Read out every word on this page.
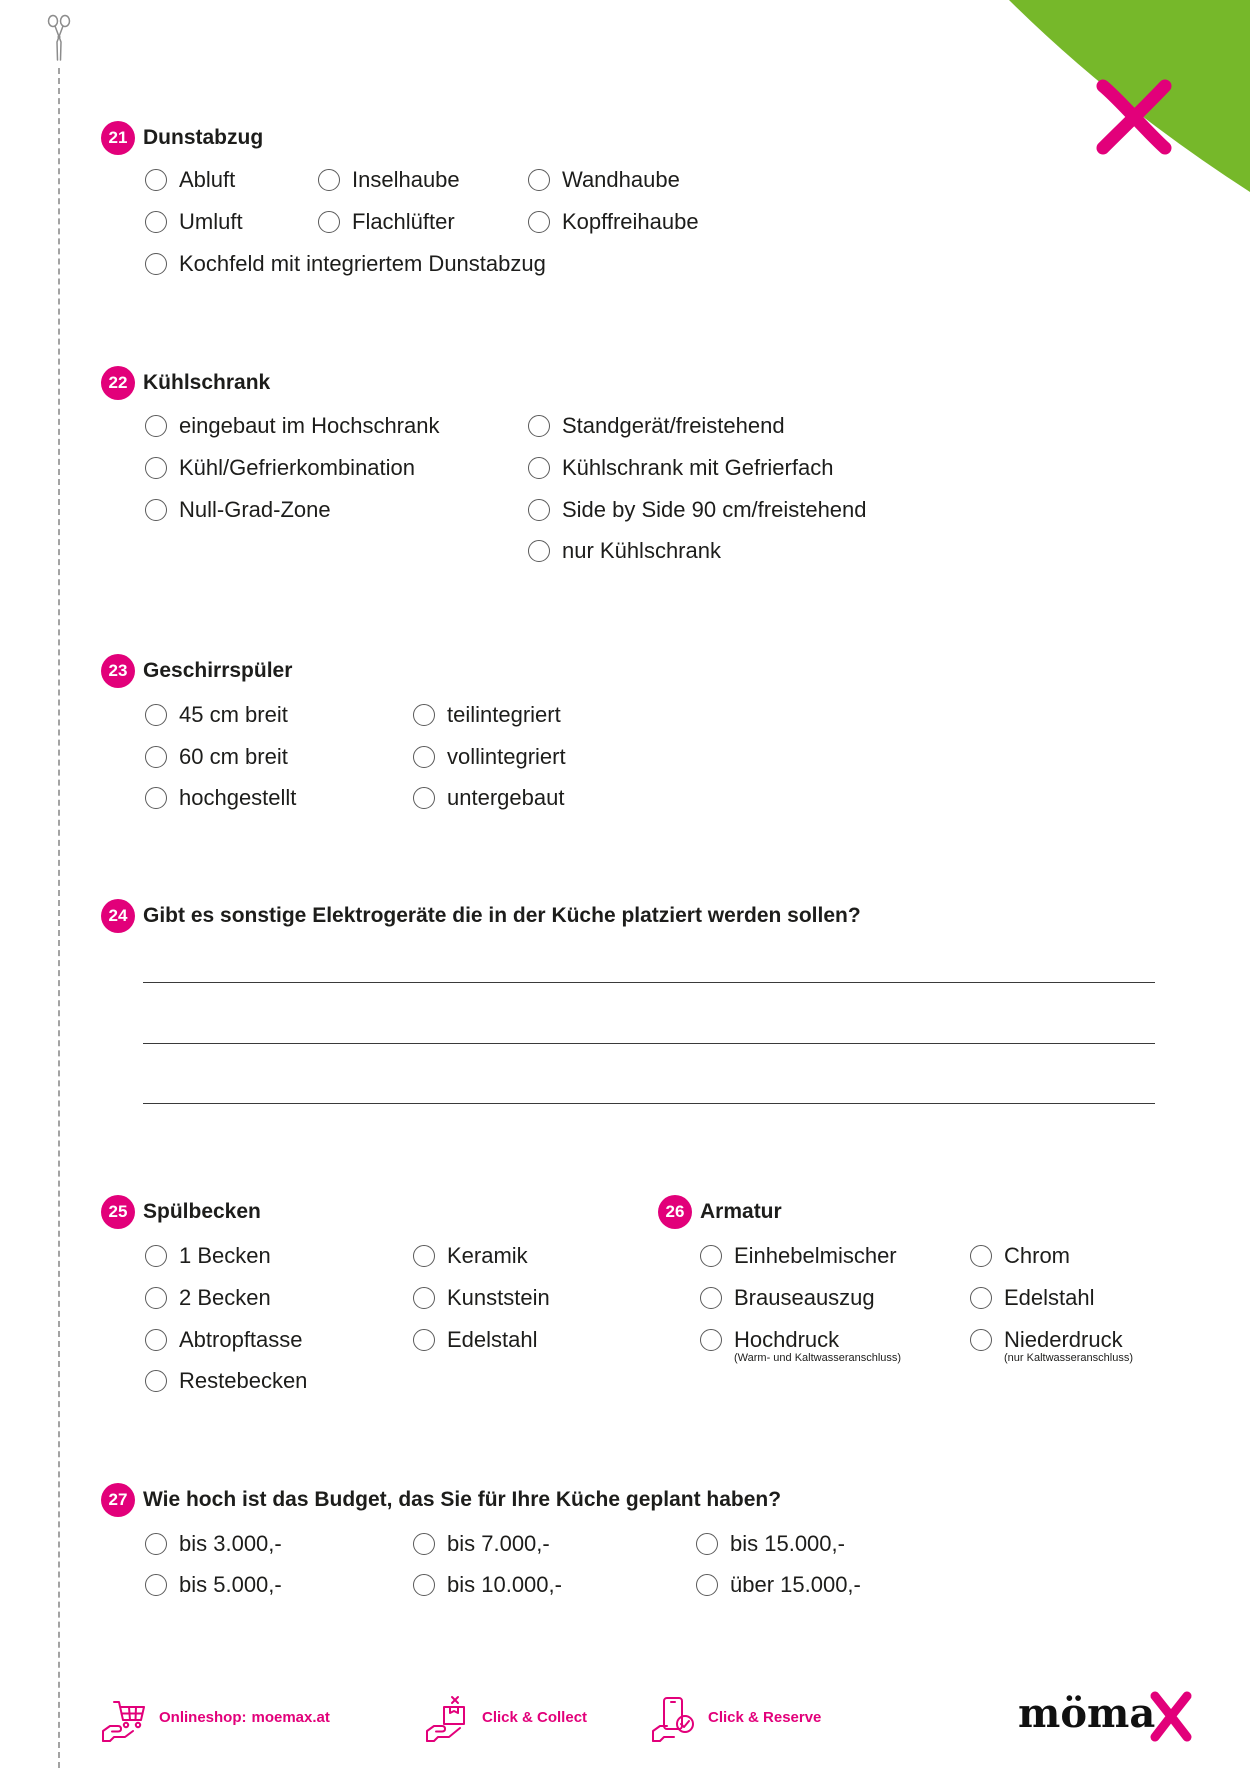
21 Dunstabzug
Abluft	Inselhaube	Wandhaube
Umluft	Flachlüfter	Kopffreihaube
Kochfeld mit integriertem Dunstabzug
22 Kühlschrank
eingebaut im Hochschrank
Kühl/Gefrierkombination
Null-Grad-Zone
Standgerät/freistehend
Kühlschrank mit Gefrierfach
Side by Side 90 cm/freistehend
nur Kühlschrank
23 Geschirrspüler
45 cm breit
60 cm breit
hochgestellt
teilintegriert
vollintegriert
untergebaut
24 Gibt es sonstige Elektrogeräte die in der Küche platziert werden sollen?
25 Spülbecken
1 Becken
2 Becken
Abtropftasse
Restebecken
Keramik
Kunststein
Edelstahl
26 Armatur
Einhebelmischer
Brauseauszug
Hochdruck
(Warm- und Kaltwasseranschluss)
Chrom
Edelstahl
Niederdruck
(nur Kaltwasseranschluss)
27 Wie hoch ist das Budget, das Sie für Ihre Küche geplant haben?
bis 3.000,-	bis 7.000,-	bis 15.000,-
bis 5.000,-	bis 10.000,-	über 15.000,-
Onlineshop: moemax.at	Click & Collect	Click & Reserve	möma
